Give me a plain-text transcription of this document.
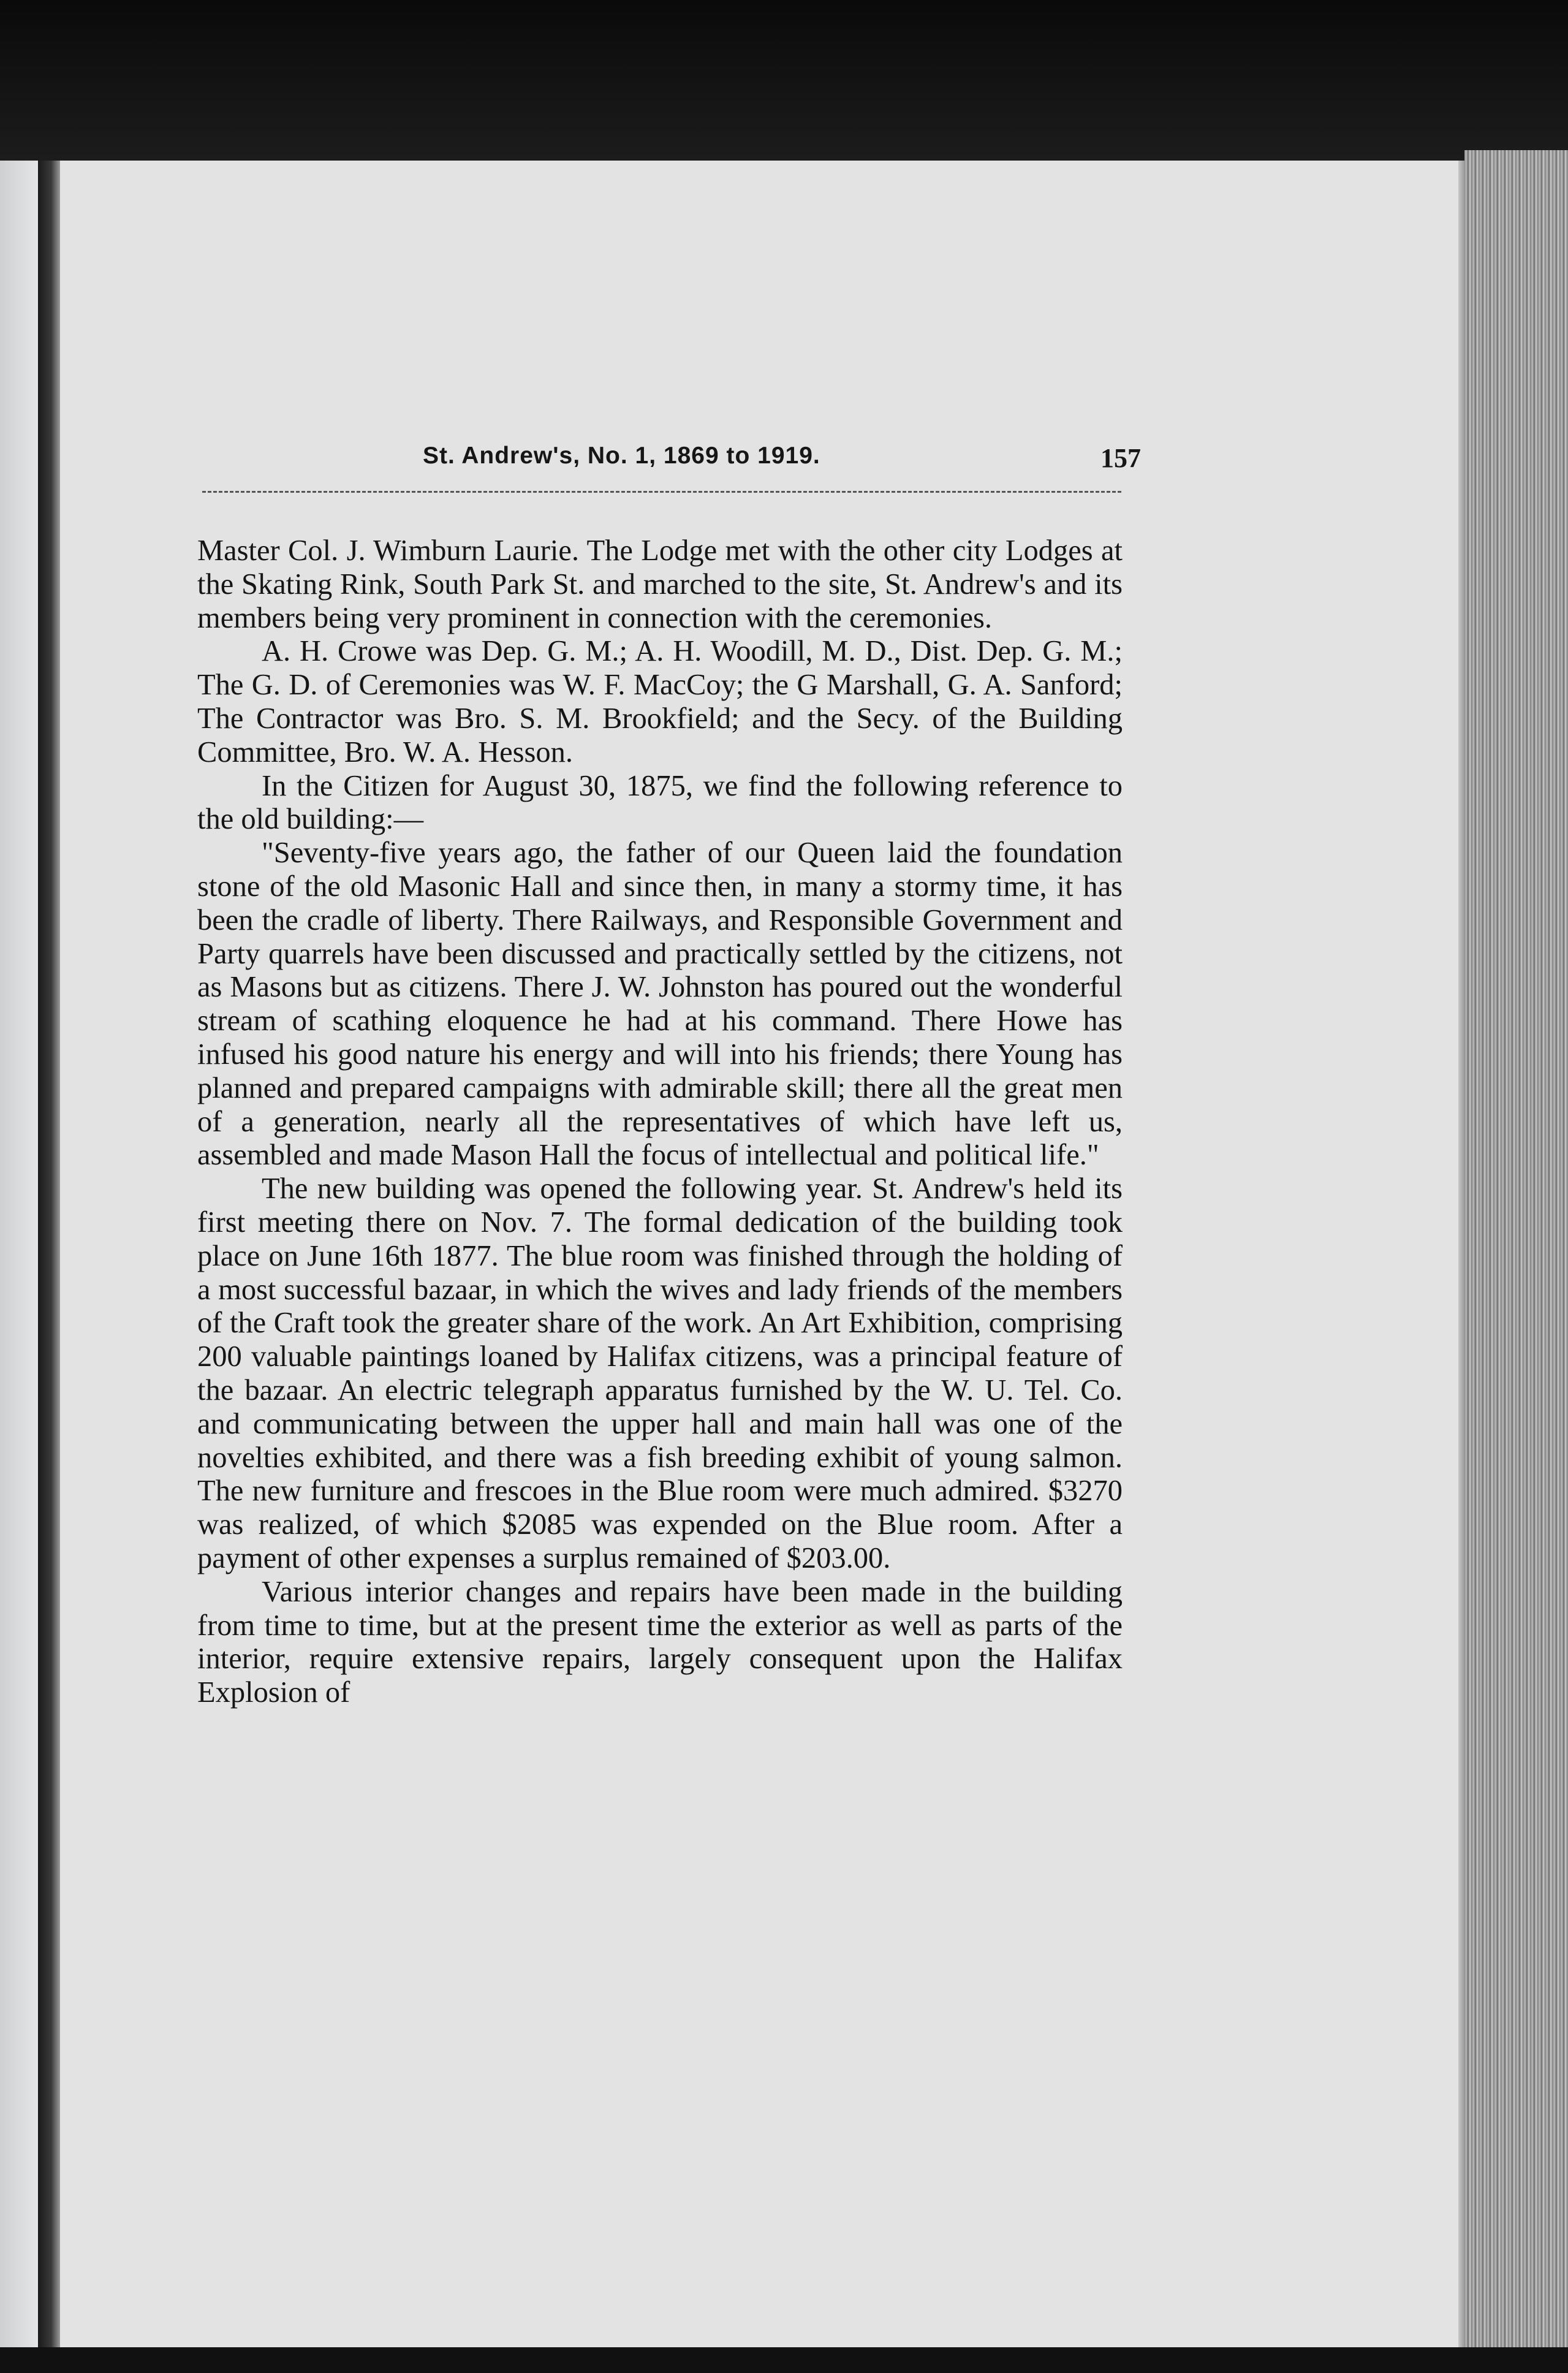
St. Andrew's, No. 1, 1869 to 1919.	157

Master Col. J. Wimburn Laurie. The Lodge met with the other city Lodges at the Skating Rink, South Park St. and marched to the site, St. Andrew's and its members being very prominent in connection with the ceremonies.

A. H. Crowe was Dep. G. M.; A. H. Woodill, M. D., Dist. Dep. G. M.; The G. D. of Ceremonies was W. F. MacCoy; the G Marshall, G. A. Sanford; The Contractor was Bro. S. M. Brookfield; and the Secy. of the Building Committee, Bro. W. A. Hesson.

In the Citizen for August 30, 1875, we find the following reference to the old building:—

"Seventy-five years ago, the father of our Queen laid the foundation stone of the old Masonic Hall and since then, in many a stormy time, it has been the cradle of liberty. There Railways, and Responsible Government and Party quarrels have been discussed and practically settled by the citizens, not as Masons but as citizens. There J. W. Johnston has poured out the wonderful stream of scathing eloquence he had at his command. There Howe has infused his good nature his energy and will into his friends; there Young has planned and prepared campaigns with admirable skill; there all the great men of a generation, nearly all the representatives of which have left us, assembled and made Mason Hall the focus of intellectual and political life."

The new building was opened the following year. St. Andrew's held its first meeting there on Nov. 7. The formal dedication of the building took place on June 16th 1877. The blue room was finished through the holding of a most successful bazaar, in which the wives and lady friends of the members of the Craft took the greater share of the work. An Art Exhibition, comprising 200 valuable paintings loaned by Halifax citizens, was a principal feature of the bazaar. An electric telegraph apparatus furnished by the W. U. Tel. Co. and communicating between the upper hall and main hall was one of the novelties exhibited, and there was a fish breeding exhibit of young salmon. The new furniture and frescoes in the Blue room were much admired. $3270 was realized, of which $2085 was expended on the Blue room. After a payment of other expenses a surplus remained of $203.00.

Various interior changes and repairs have been made in the building from time to time, but at the present time the exterior as well as parts of the interior, require extensive repairs, largely consequent upon the Halifax Explosion of
